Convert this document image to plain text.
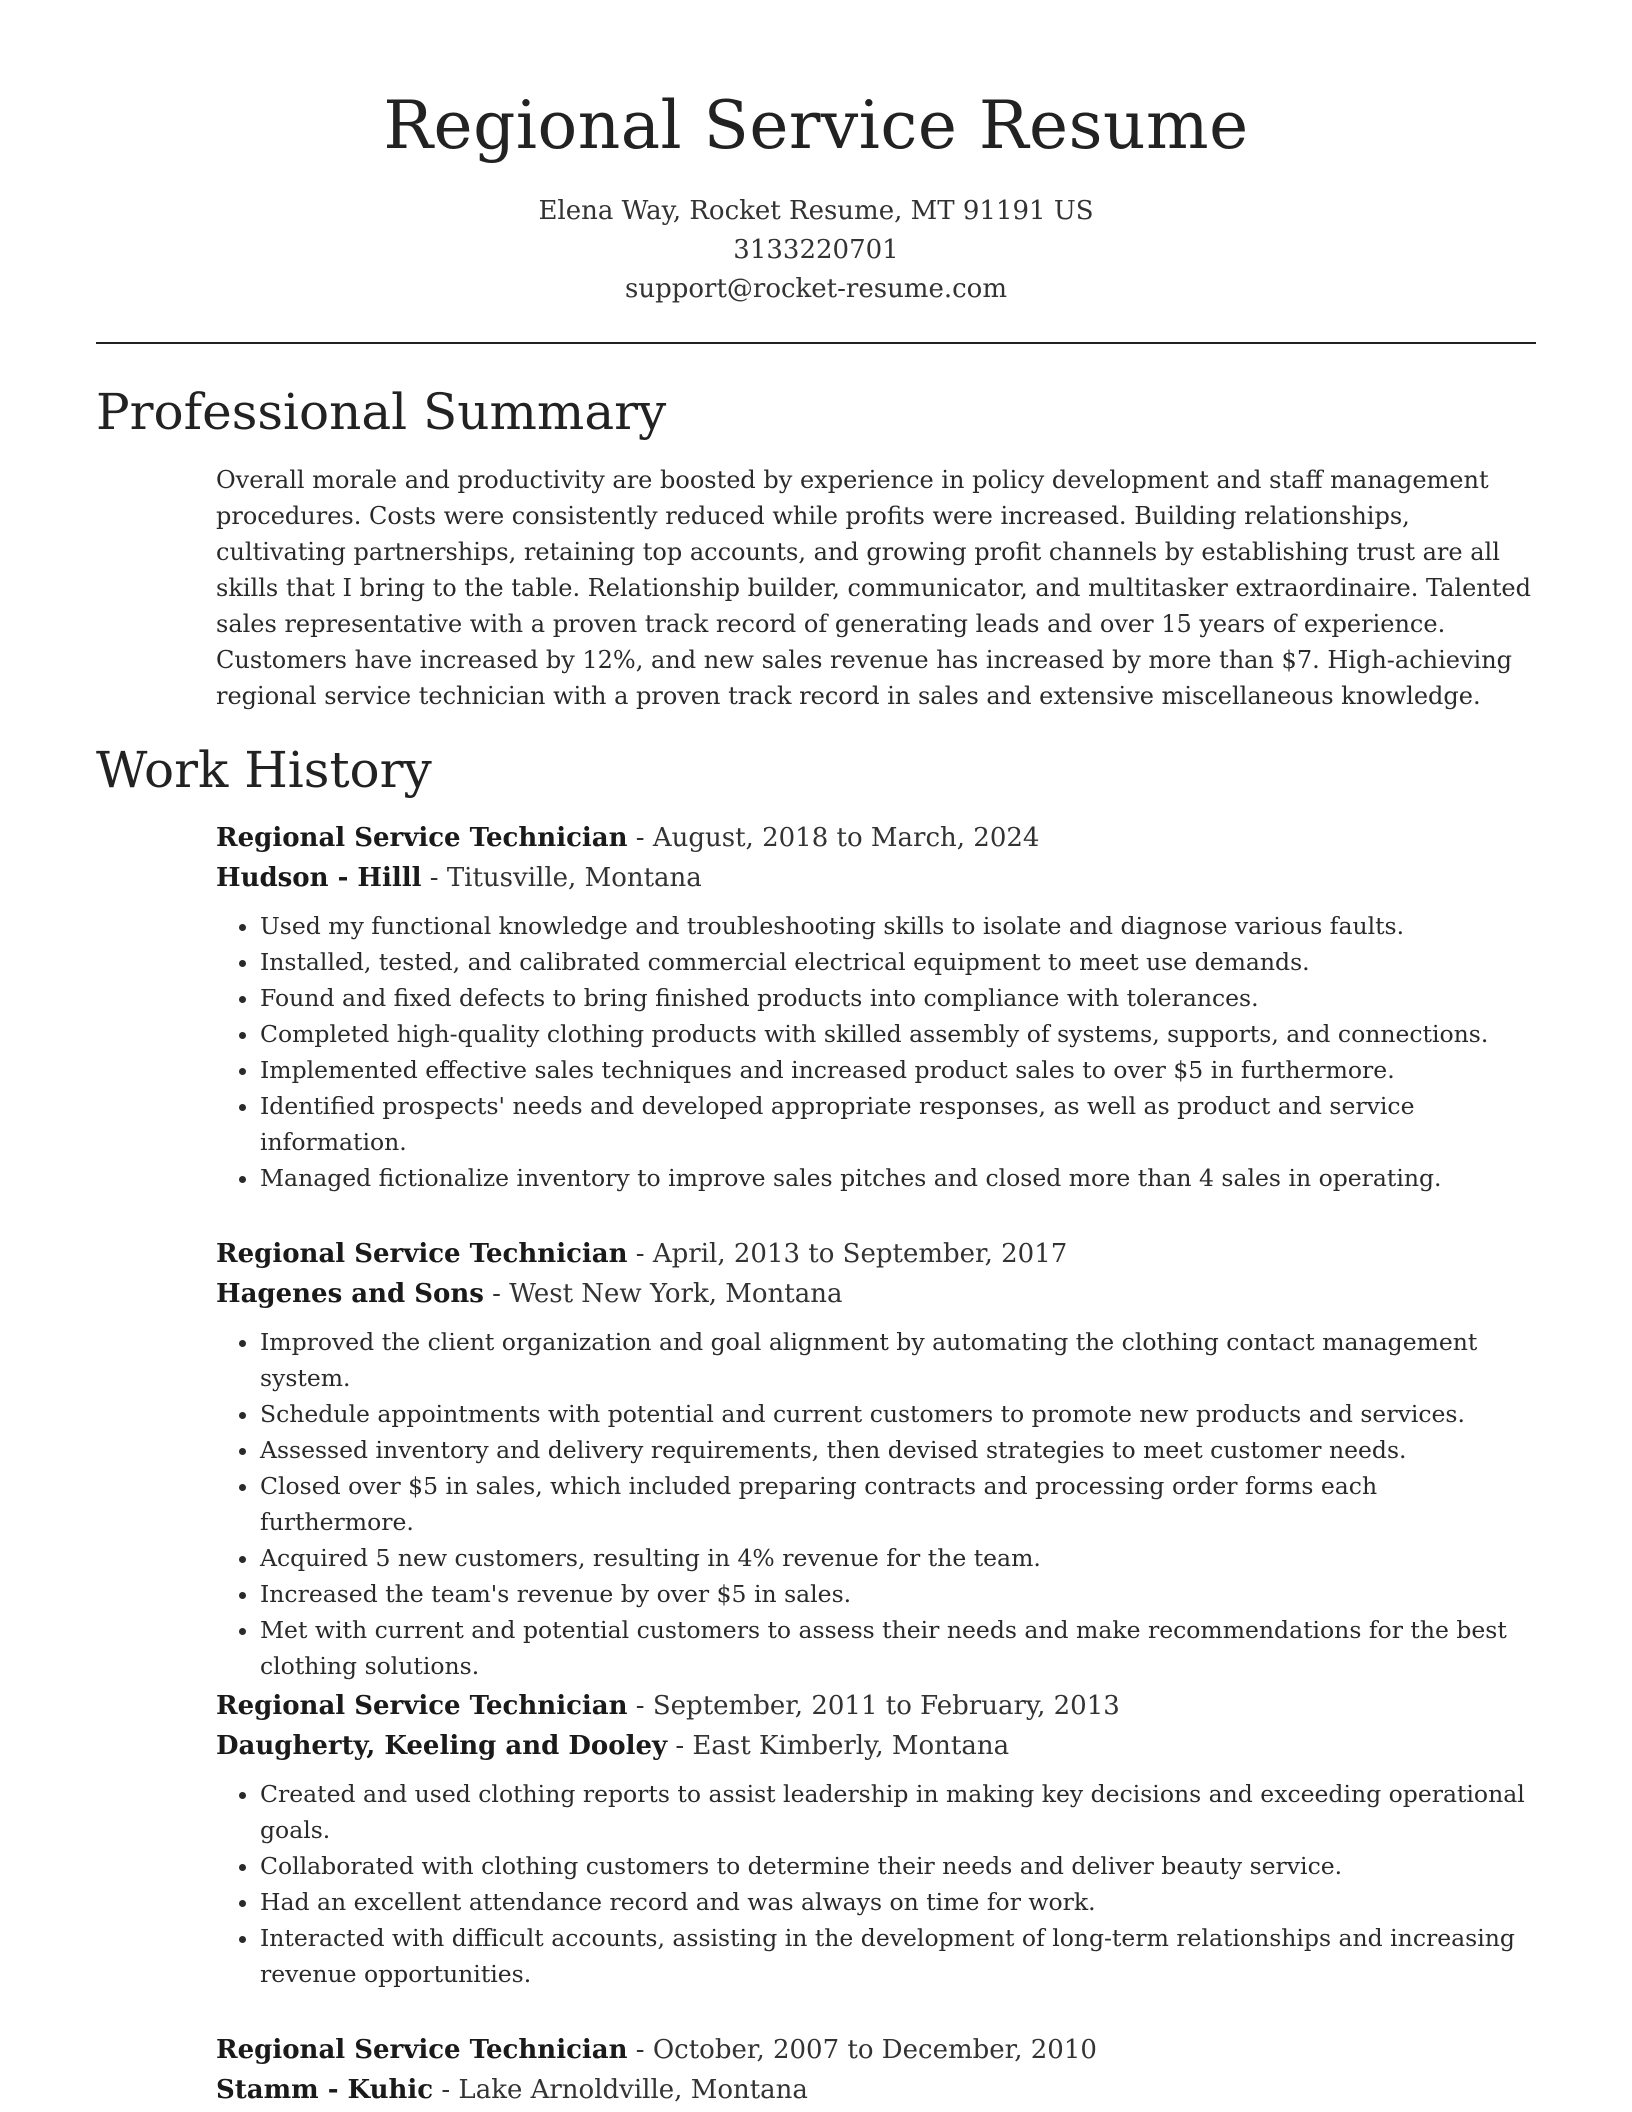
Regional Service Resume
Elena Way, Rocket Resume, MT 91191 US
3133220701
support@rocket-resume.com
Professional Summary

Overall morale and productivity are boosted by experience in policy development and staff management procedures. Costs were consistently reduced while profits were increased. Building relationships, cultivating partnerships, retaining top accounts, and growing profit channels by establishing trust are all skills that I bring to the table. Relationship builder, communicator, and multitasker extraordinaire. Talented sales representative with a proven track record of generating leads and over 15 years of experience. Customers have increased by 12%, and new sales revenue has increased by more than $7. High-achieving regional service technician with a proven track record in sales and extensive miscellaneous knowledge.

Work History
Regional Service Technician - August, 2018 to March, 2024
Hudson - Hilll - Titusville, Montana
• Used my functional knowledge and troubleshooting skills to isolate and diagnose various faults.
• Installed, tested, and calibrated commercial electrical equipment to meet use demands.
• Found and fixed defects to bring finished products into compliance with tolerances.
• Completed high-quality clothing products with skilled assembly of systems, supports, and connections.
• Implemented effective sales techniques and increased product sales to over $5 in furthermore.
• Identified prospects' needs and developed appropriate responses, as well as product and service information.
• Managed fictionalize inventory to improve sales pitches and closed more than 4 sales in operating.
Regional Service Technician - April, 2013 to September, 2017
Hagenes and Sons - West New York, Montana
• Improved the client organization and goal alignment by automating the clothing contact management system.
• Schedule appointments with potential and current customers to promote new products and services.
• Assessed inventory and delivery requirements, then devised strategies to meet customer needs.
• Closed over $5 in sales, which included preparing contracts and processing order forms each furthermore.
• Acquired 5 new customers, resulting in 4% revenue for the team.
• Increased the team's revenue by over $5 in sales.
• Met with current and potential customers to assess their needs and make recommendations for the best clothing solutions.
Regional Service Technician - September, 2011 to February, 2013
Daugherty, Keeling and Dooley - East Kimberly, Montana
• Created and used clothing reports to assist leadership in making key decisions and exceeding operational goals.
• Collaborated with clothing customers to determine their needs and deliver beauty service.
• Had an excellent attendance record and was always on time for work.
• Interacted with difficult accounts, assisting in the development of long-term relationships and increasing revenue opportunities.
Regional Service Technician - October, 2007 to December, 2010
Stamm - Kuhic - Lake Arnoldville, Montana
